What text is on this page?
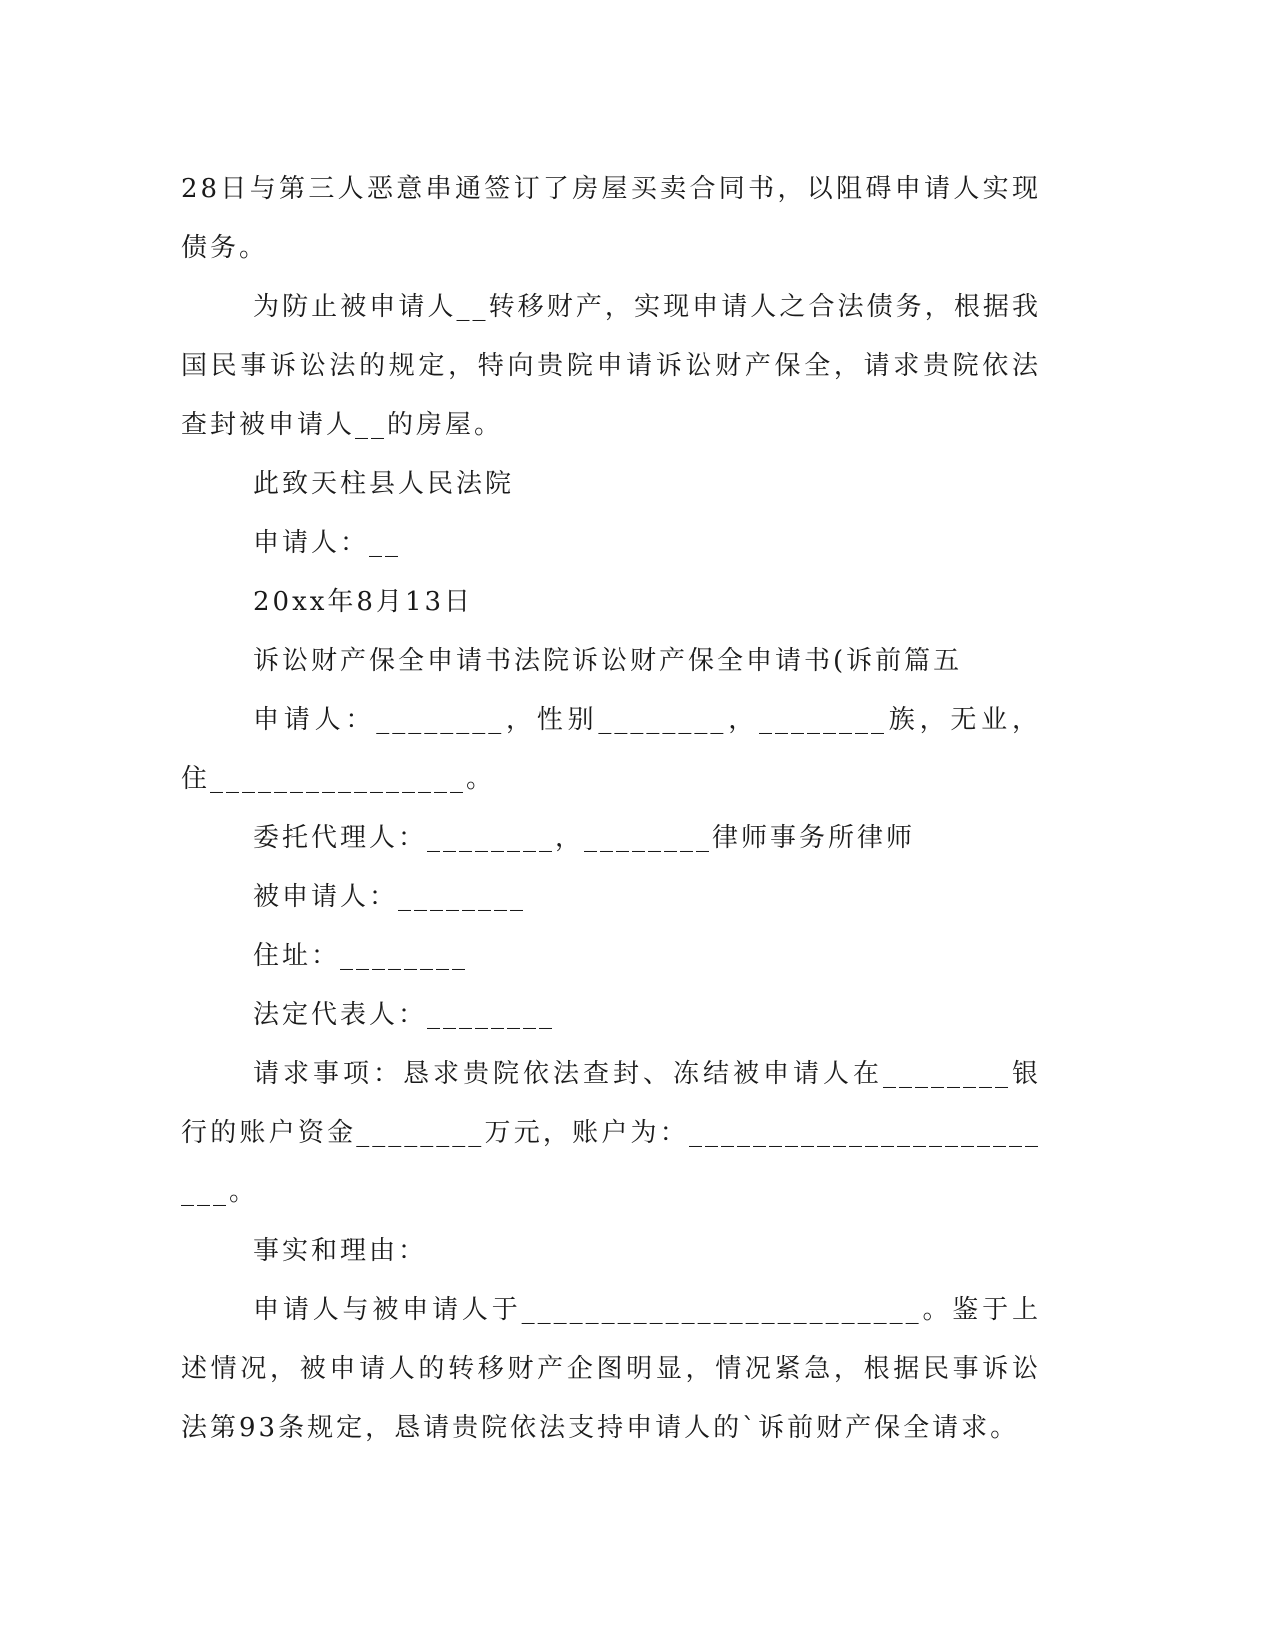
28日与第三人恶意串通签订了房屋买卖合同书，以阻碍申请人实现债务。

为防止被申请人__转移财产，实现申请人之合法债务，根据我国民事诉讼法的规定，特向贵院申请诉讼财产保全，请求贵院依法查封被申请人__的房屋。

此致天柱县人民法院

申请人：__

20xx年8月13日

诉讼财产保全申请书法院诉讼财产保全申请书(诉前篇五

申请人：________，性别________，________族，无业，住________________。

委托代理人：________，________律师事务所律师

被申请人：________

住址：________

法定代表人：________

请求事项：恳求贵院依法查封、冻结被申请人在________银行的账户资金________万元，账户为：_________________________。

事实和理由：

申请人与被申请人于_________________________。鉴于上述情况，被申请人的转移财产企图明显，情况紧急，根据民事诉讼法第93条规定，恳请贵院依法支持申请人的`诉前财产保全请求。
